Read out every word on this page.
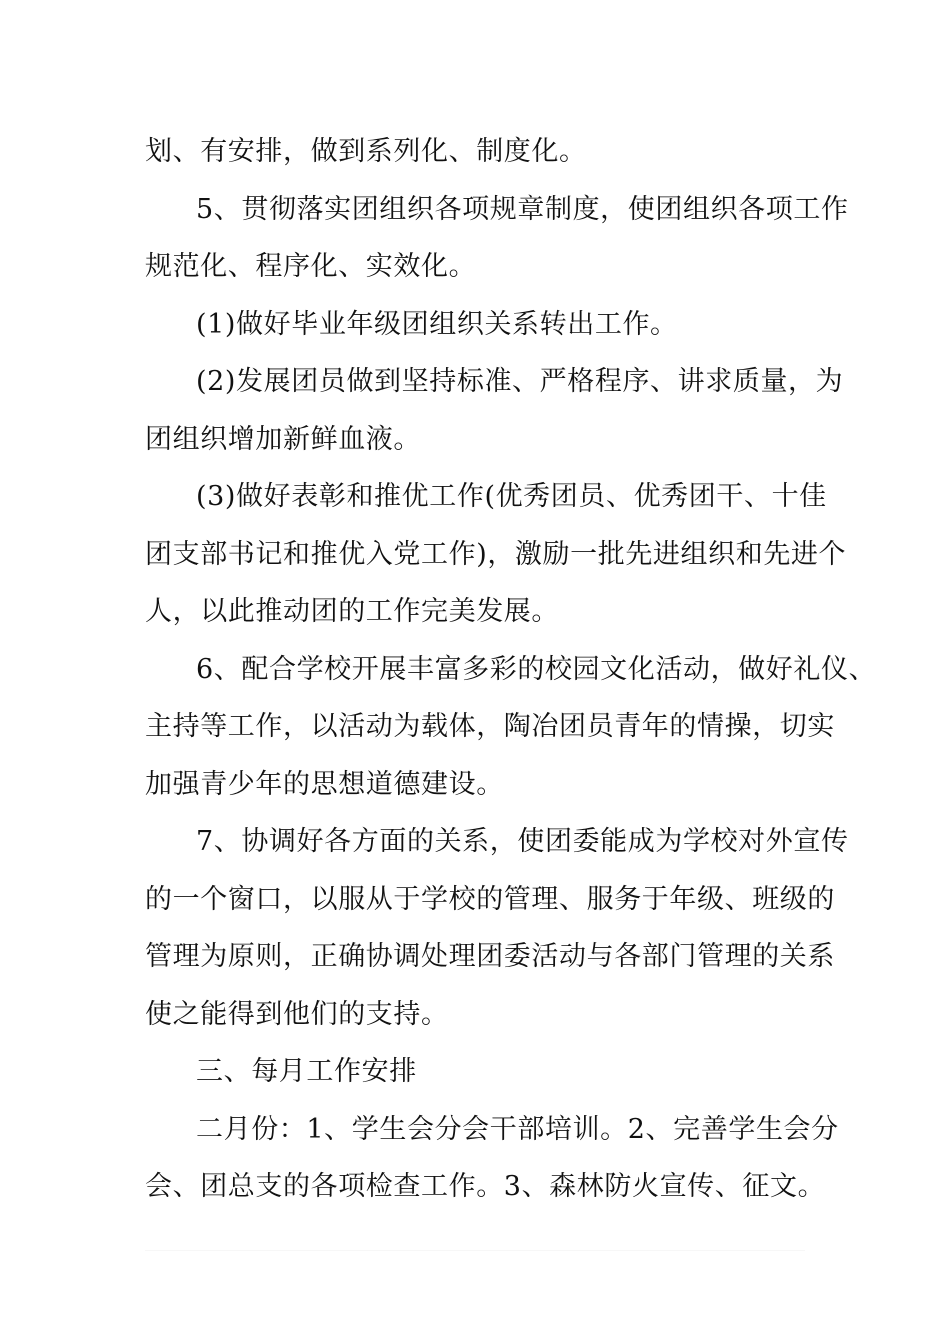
划、有安排，做到系列化、制度化。
5、贯彻落实团组织各项规章制度，使团组织各项工作
规范化、程序化、实效化。
(1)做好毕业年级团组织关系转出工作。
(2)发展团员做到坚持标准、严格程序、讲求质量，为
团组织增加新鲜血液。
(3)做好表彰和推优工作(优秀团员、优秀团干、十佳
团支部书记和推优入党工作)，激励一批先进组织和先进个
人，以此推动团的工作完美发展。
6、配合学校开展丰富多彩的校园文化活动，做好礼仪、
主持等工作，以活动为载体，陶冶团员青年的情操，切实
加强青少年的思想道德建设。
7、协调好各方面的关系，使团委能成为学校对外宣传
的一个窗口，以服从于学校的管理、服务于年级、班级的
管理为原则，正确协调处理团委活动与各部门管理的关系
使之能得到他们的支持。
三、每月工作安排
二月份：1、学生会分会干部培训。2、完善学生会分
会、团总支的各项检查工作。3、森林防火宣传、征文。
